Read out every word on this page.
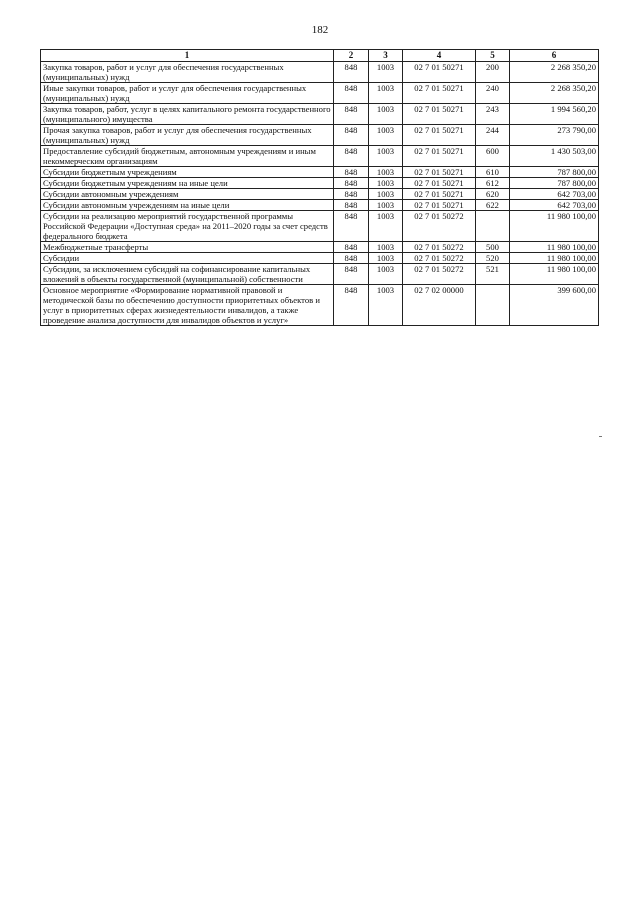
182
1	2	3	4	5	6
Закупка товаров, работ и услуг для обеспечения государственных (муниципальных) нужд	848	1003	02 7 01 50271	200	2 268 350,20
Иные закупки товаров, работ и услуг для обеспечения государственных (муниципальных) нужд	848	1003	02 7 01 50271	240	2 268 350,20
Закупка товаров, работ, услуг в целях капитального ремонта государственного (муниципального) имущества	848	1003	02 7 01 50271	243	1 994 560,20
Прочая закупка товаров, работ и услуг для обеспечения государственных (муниципальных) нужд	848	1003	02 7 01 50271	244	273 790,00
Предоставление субсидий бюджетным, автономным учреждениям и иным некоммерческим организациям	848	1003	02 7 01 50271	600	1 430 503,00
Субсидии бюджетным учреждениям	848	1003	02 7 01 50271	610	787 800,00
Субсидии бюджетным учреждениям на иные цели	848	1003	02 7 01 50271	612	787 800,00
Субсидии автономным учреждениям	848	1003	02 7 01 50271	620	642 703,00
Субсидии автономным учреждениям на иные цели	848	1003	02 7 01 50271	622	642 703,00
Субсидии на реализацию мероприятий государственной программы Российской Федерации «Доступная среда» на 2011–2020 годы за счет средств федерального бюджета	848	1003	02 7 01 50272		11 980 100,00
Межбюджетные трансферты	848	1003	02 7 01 50272	500	11 980 100,00
Субсидии	848	1003	02 7 01 50272	520	11 980 100,00
Субсидии, за исключением субсидий на софинансирование капитальных вложений в объекты государственной (муниципальной) собственности	848	1003	02 7 01 50272	521	11 980 100,00
Основное мероприятие «Формирование нормативной правовой и методической базы по обеспечению доступности приоритетных объектов и услуг в приоритетных сферах жизнедеятельности инвалидов, а также проведение анализа доступности для инвалидов объектов и услуг»	848	1003	02 7 02 00000		399 600,00
